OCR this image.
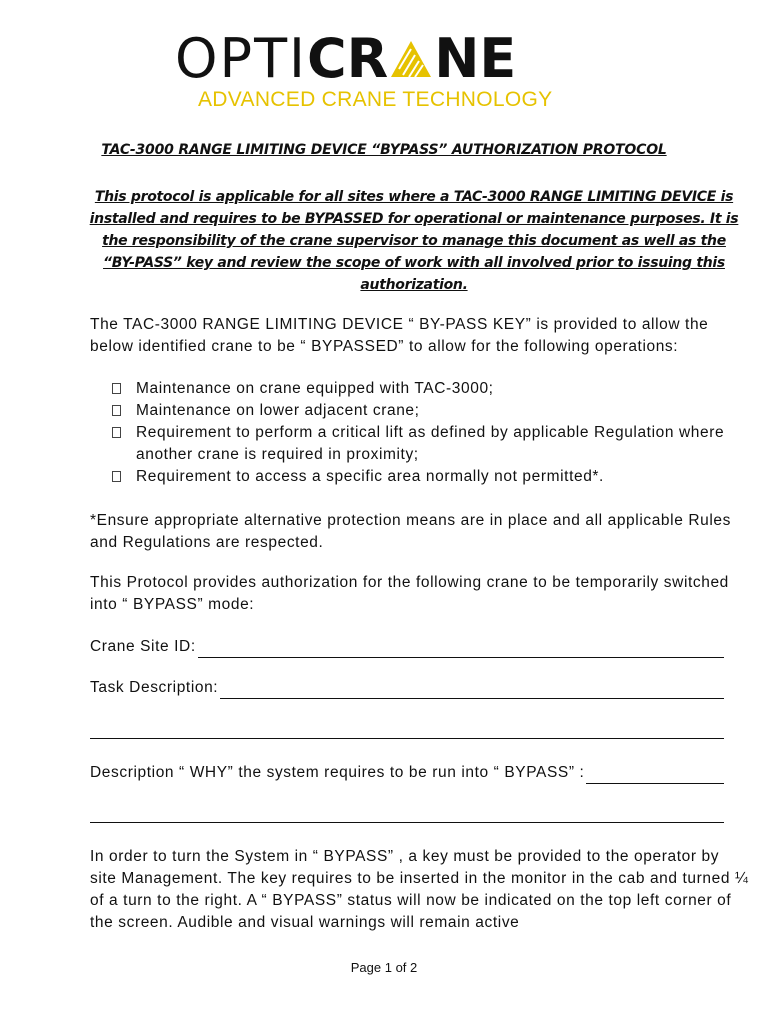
OPTI CR NE
ADVANCED CRANE TECHNOLOGY
TAC-3000 RANGE LIMITING DEVICE “BYPASS” AUTHORIZATION PROTOCOL
This protocol is applicable for all sites where a TAC-3000 RANGE LIMITING DEVICE is installed and requires to be BYPASSED for operational or maintenance purposes. It is the responsibility of the crane supervisor to manage this document as well as the “BY-PASS” key and review the scope of work with all involved prior to issuing this authorization.
The TAC-3000 RANGE LIMITING DEVICE “ BY-PASS KEY” is provided to allow the below identified crane to be “ BYPASSED” to allow for the following operations:
Maintenance on crane equipped with TAC-3000;
Maintenance on lower adjacent crane;
Requirement to perform a critical lift as defined by applicable Regulation where another crane is required in proximity;
Requirement to access a specific area normally not permitted*.
*Ensure appropriate alternative protection means are in place and all applicable Rules and Regulations are respected.
This Protocol provides authorization for the following crane to be temporarily switched into “ BYPASS” mode:
Crane Site ID:
Task Description:
Description “ WHY” the system requires to be run into “ BYPASS” :
In order to turn the System in “ BYPASS” , a key must be provided to the operator by site Management. The key requires to be inserted in the monitor in the cab and turned ¼ of a turn to the right. A “ BYPASS” status will now be indicated on the top left corner of the screen. Audible and visual warnings will remain active
Page 1 of 2
